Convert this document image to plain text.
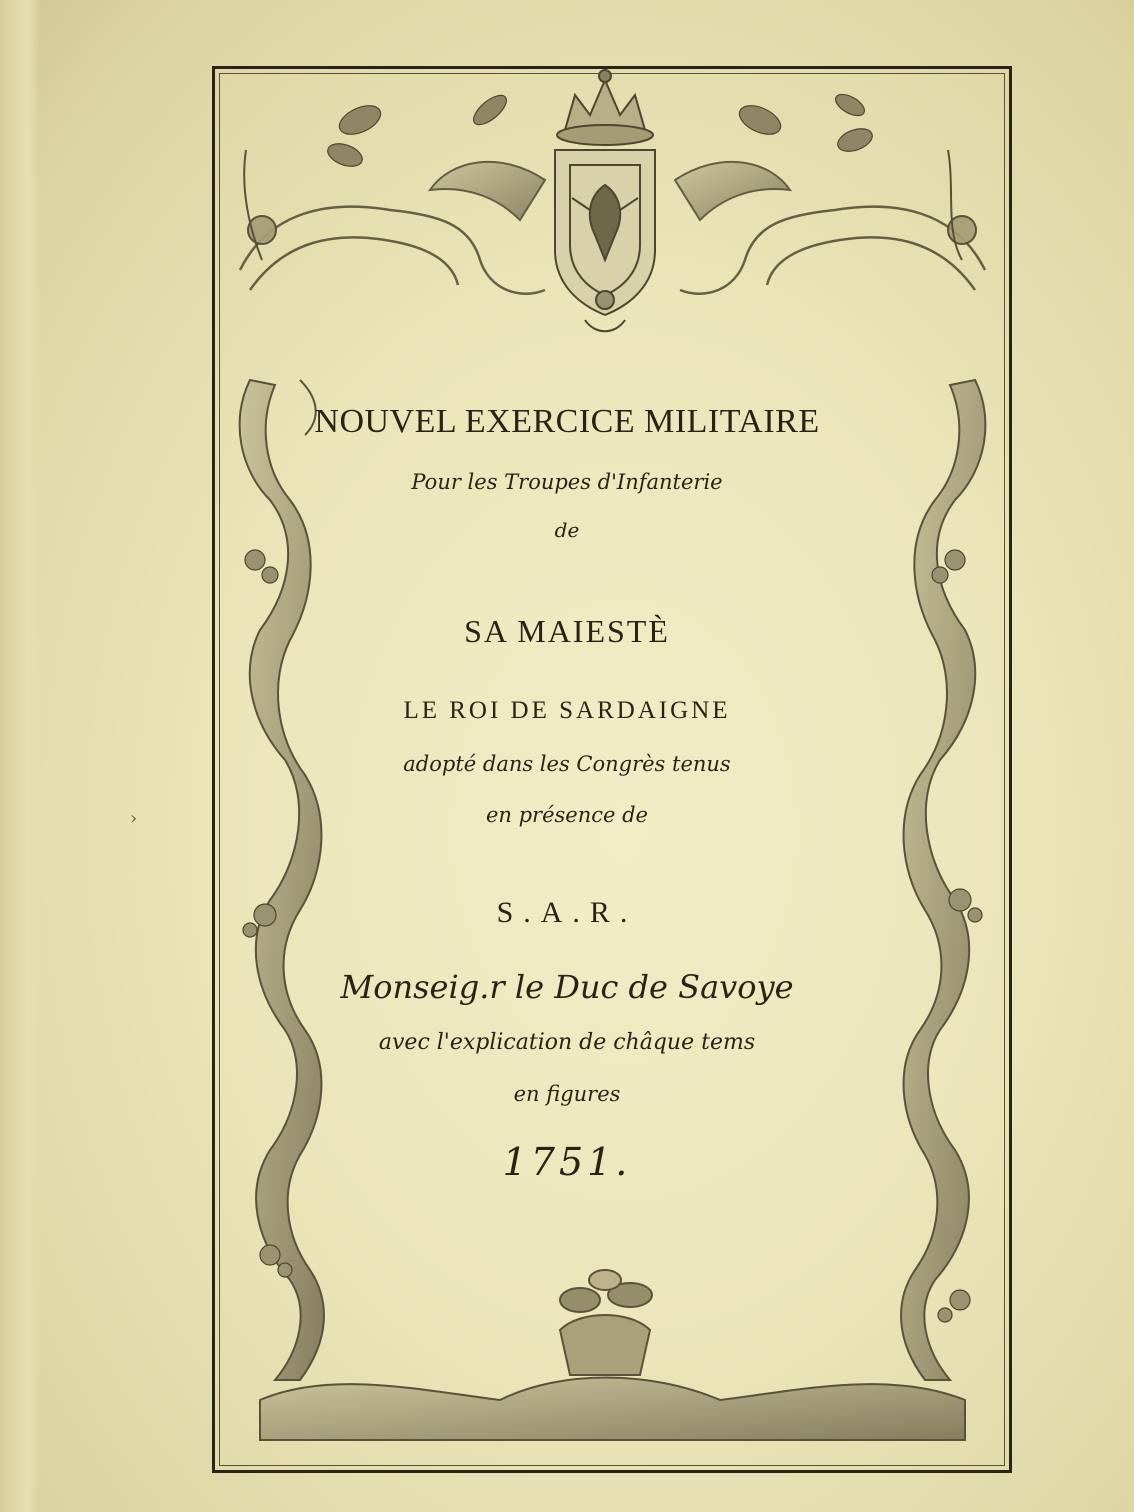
›
NOUVEL EXERCICE MILITAIRE
Pour les Troupes d'Infanterie
de
SA MAIESTÈ
LE ROI DE SARDAIGNE
adopté dans les Congrès tenus
en présence de
S.A.R.
Monseig.r le Duc de Savoye
avec l'explication de châque tems
en figures
1751.
